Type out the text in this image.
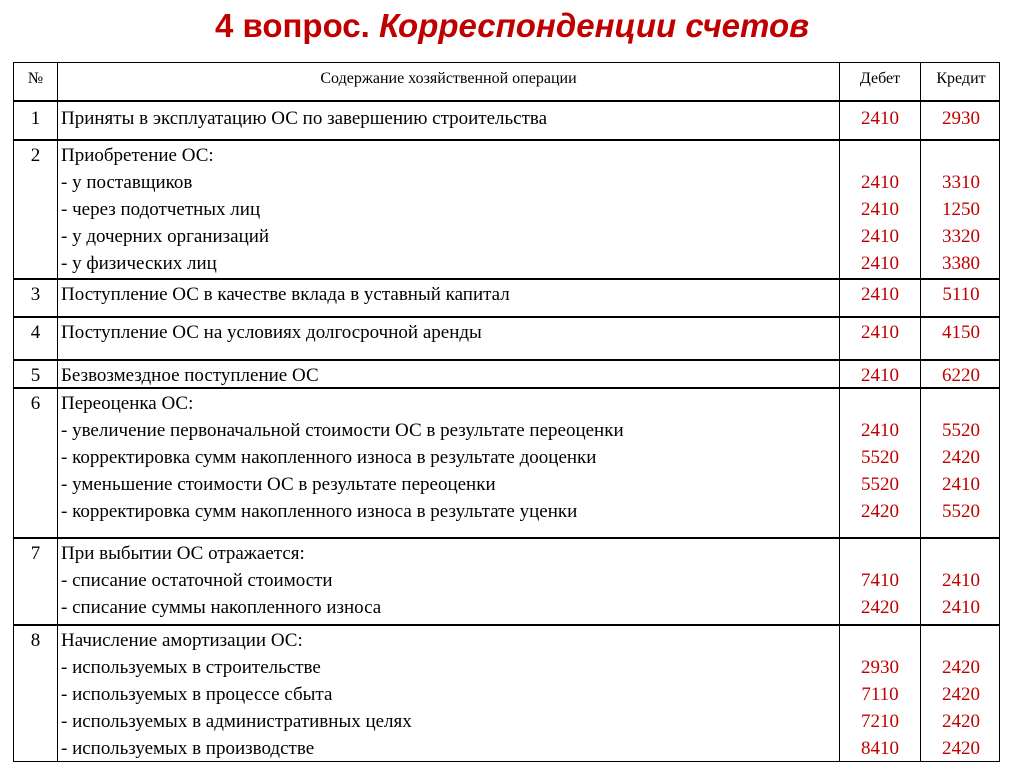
4 вопрос. Корреспонденции счетов
№	Содержание хозяйственной операции	Дебет	Кредит
1	Приняты в эксплуатацию ОС по завершению строительства	2410	2930
2	Приобретение ОС:
- у поставщиков	2410	3310
- через подотчетных лиц	2410	1250
- у дочерних организаций	2410	3320
- у физических лиц	2410	3380
3	Поступление ОС в качестве вклада в уставный капитал	2410	5110
4	Поступление ОС на условиях долгосрочной аренды	2410	4150
5	Безвозмездное поступление ОС	2410	6220
6	Переоценка ОС:
- увеличение первоначальной стоимости ОС в результате переоценки	2410	5520
- корректировка сумм накопленного износа в результате дооценки	5520	2420
- уменьшение стоимости ОС в результате переоценки	5520	2410
- корректировка сумм накопленного износа в результате уценки	2420	5520
7	При выбытии ОС отражается:
- списание остаточной стоимости	7410	2410
- списание суммы накопленного износа	2420	2410
8	Начисление амортизации ОС:
- используемых в строительстве	2930	2420
- используемых в процессе сбыта	7110	2420
- используемых в административных целях	7210	2420
- используемых в производстве	8410	2420
